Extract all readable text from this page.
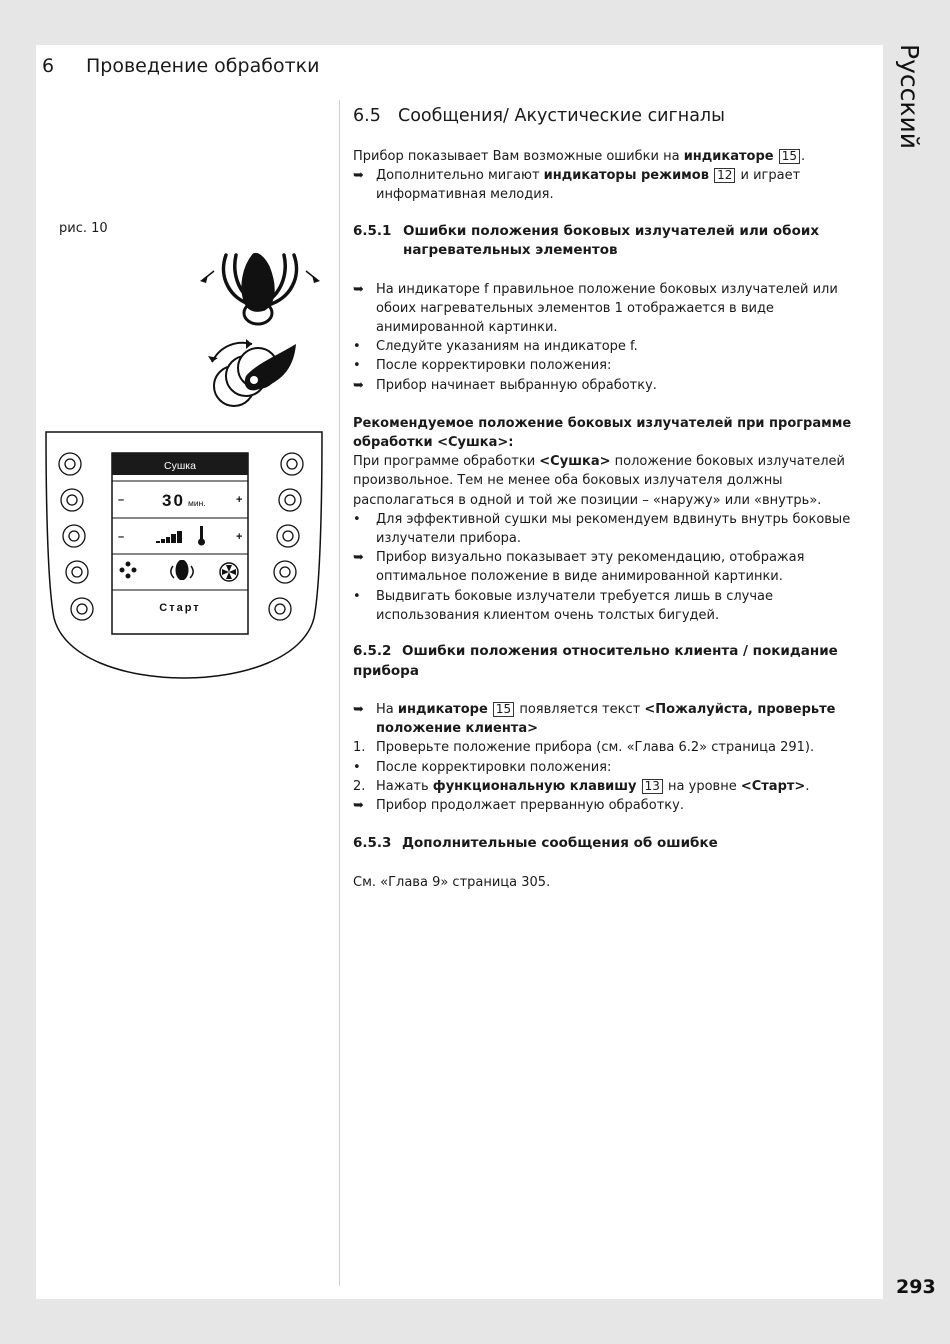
Русский
293
6 Проведение обработки
рис. 10
Сушка
–	+
30 мин.
–	+
Старт
6.5 Сообщения/ Акустические сигналы

Прибор показывает Вам возможные ошибки на индикаторе 15 .

➥ Дополнительно мигают индикаторы режимов 12 и играет информативная мелодия.
6.5.1 Ошибки положения боковых излучателей или обоих нагревательных элементов
➥ На индикаторе f правильное положение боковых излучателей или обоих нагревательных элементов 1 отображается в виде анимированной картинки.
• Следуйте указаниям на индикаторе f.
• После корректировки положения:
➥ Прибор начинает выбранную обработку.

Рекомендуемое положение боковых излучателей при программе обработки <Сушка>:

При программе обработки <Сушка> положение боковых излучателей произвольное. Тем не менее оба боковых излучателя должны располагаться в одной и той же позиции – «наружу» или «внутрь».

• Для эффективной сушки мы рекомендуем вдвинуть внутрь боковые излучатели прибора.
➥ Прибор визуально показывает эту рекомендацию, отображая оптимальное положение в виде анимированной картинки.
• Выдвигать боковые излучатели требуется лишь в случае использования клиентом очень толстых бигудей.
6.5.2 Ошибки положения относительно клиента / покидание прибора
➥ На индикаторе 15 появляется текст <Пожалуйста, проверьте положение клиента>
1. Проверьте положение прибора (см. «Глава 6.2» страница 291).
• После корректировки положения:
2. Нажать функциональную клавишу 13 на уровне <Старт>.
➥ Прибор продолжает прерванную обработку.
6.5.3 Дополнительные сообщения об ошибке

См. «Глава 9» страница 305.
